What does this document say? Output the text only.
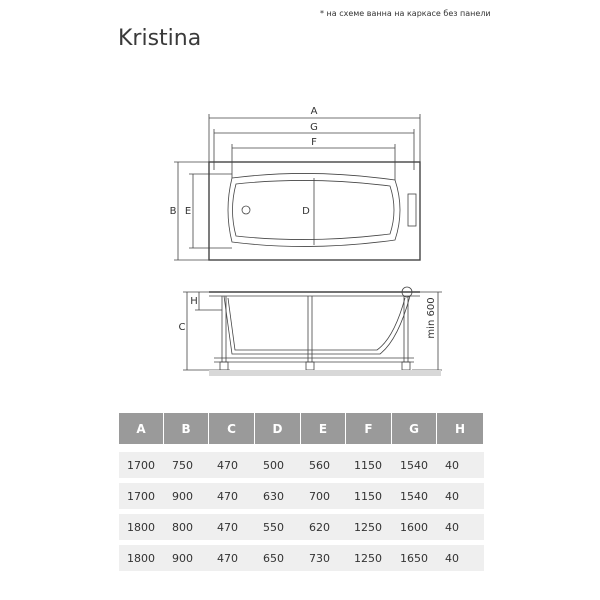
* на схеме ванна на каркасе без панели
Kristina
A
G
F
B E	D
C
H	min 600
A	B	C	D	E	F	G	H
1700	750	470	500	560	1150	1540	40
1700	900	470	630	700	1150	1540	40
1800	800	470	550	620	1250	1600	40
1800	900	470	650	730	1250	1650	40
